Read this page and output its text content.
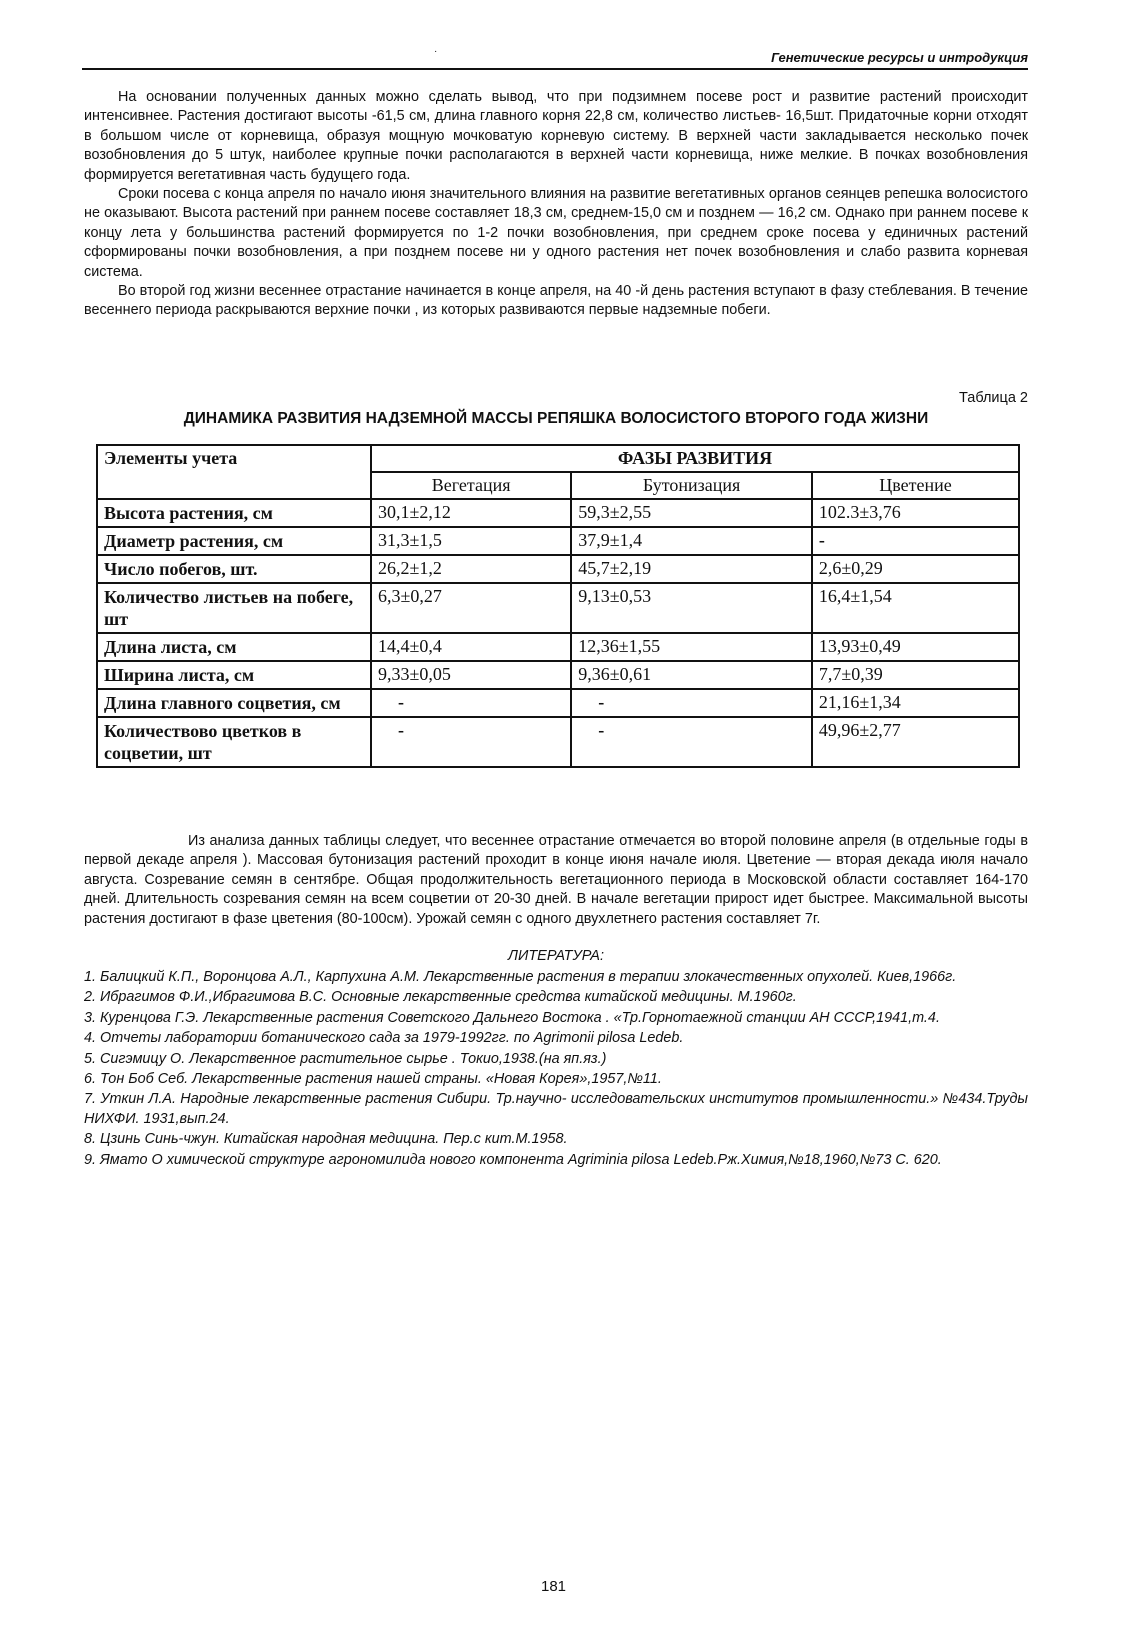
·	Генетические ресурсы и интродукция

На основании полученных данных можно сделать вывод, что при подзимнем посеве рост и развитие растений происходит интенсивнее. Растения достигают высоты -61,5 см, длина главного корня 22,8 см, количество листьев- 16,5шт. Придаточные корни отходят в большом числе от корневища, образуя мощную мочковатую корневую систему. В верхней части закладывается несколько почек возобновления до 5 штук, наиболее крупные почки располагаются в верхней части корневища, ниже мелкие. В почках возобновления формируется вегетативная часть будущего года.

Сроки посева с конца апреля по начало июня значительного влияния на развитие вегетативных органов сеянцев репешка волосистого не оказывают. Высота растений при раннем посеве составляет 18,3 см, среднем-15,0 см и позднем — 16,2 см. Однако при раннем посеве к концу лета у большинства растений формируется по 1-2 почки возобновления, при среднем сроке посева у единичных растений сформированы почки возобновления, а при позднем посеве ни у одного растения нет почек возобновления и слабо развита корневая система.

Во второй год жизни весеннее отрастание начинается в конце апреля, на 40 -й день растения вступают в фазу стеблевания. В течение весеннего периода раскрываются верхние почки , из которых развиваются первые надземные побеги.

Таблица 2
ДИНАМИКА РАЗВИТИЯ НАДЗЕМНОЙ МАССЫ РЕПЯШКА ВОЛОСИСТОГО ВТОРОГО ГОДА ЖИЗНИ
Элементы учета	ФАЗЫ РАЗВИТИЯ		
	Вегетация	Бутонизация	Цветение
Высота растения, см	30,1±2,12	59,3±2,55	102.3±3,76
Диаметр растения, см	31,3±1,5	37,9±1,4	-
Число побегов, шт.	26,2±1,2	45,7±2,19	2,6±0,29
Количество листьев на побеге, шт	6,3±0,27	9,13±0,53	16,4±1,54
Длина листа, см	14,4±0,4	12,36±1,55	13,93±0,49
Ширина листа, см	9,33±0,05	9,36±0,61	7,7±0,39
Длина главного соцветия, см	-	-	21,16±1,34
Количествово цветков в соцветии, шт	-	-	49,96±2,77

Из анализа данных таблицы следует, что весеннее отрастание отмечается во второй половине апреля (в отдельные годы в первой декаде апреля ). Массовая бутонизация растений проходит в конце июня начале июля. Цветение — вторая декада июля начало августа. Созревание семян в сентябре. Общая продолжительность вегетационного периода в Московской области составляет 164-170 дней. Длительность созревания семян на всем соцветии от 20-30 дней. В начале вегетации прирост идет быстрее. Максимальной высоты растения достигают в фазе цветения (80-100см). Урожай семян с одного двухлетнего растения составляет 7г.

ЛИТЕРАТУРА:

1. Балицкий К.П., Воронцова А.Л., Карпухина А.М. Лекарственные растения в терапии злокачественных опухолей. Киев,1966г.

2. Ибрагимов Ф.И.,Ибрагимова В.С. Основные лекарственные средства китайской медицины. М.1960г.

3. Куренцова Г.Э. Лекарственные растения Советского Дальнего Востока . «Тр.Горнотаежной станции АН СССР,1941,т.4.

4. Отчеты лаборатории ботанического сада за 1979-1992гг. по Agrimonii pilosa Ledeb.

5. Сигэмицу О. Лекарственное растительное сырье . Токио,1938.(на яп.яз.)

6. Тон Боб Себ. Лекарственные растения нашей страны. «Новая Корея»,1957,№11.

7. Уткин Л.А. Народные лекарственные растения Сибири. Тр.научно- исследовательских институтов промышленности.» №434.Труды НИХФИ. 1931,вып.24.

8. Цзинь Синь-чжун. Китайская народная медицина. Пер.с кит.М.1958.

9. Ямато О химической структуре агрономилида нового компонента Agriminia pilosa Ledeb.Рж.Химия,№18,1960,№73 С. 620.

181
